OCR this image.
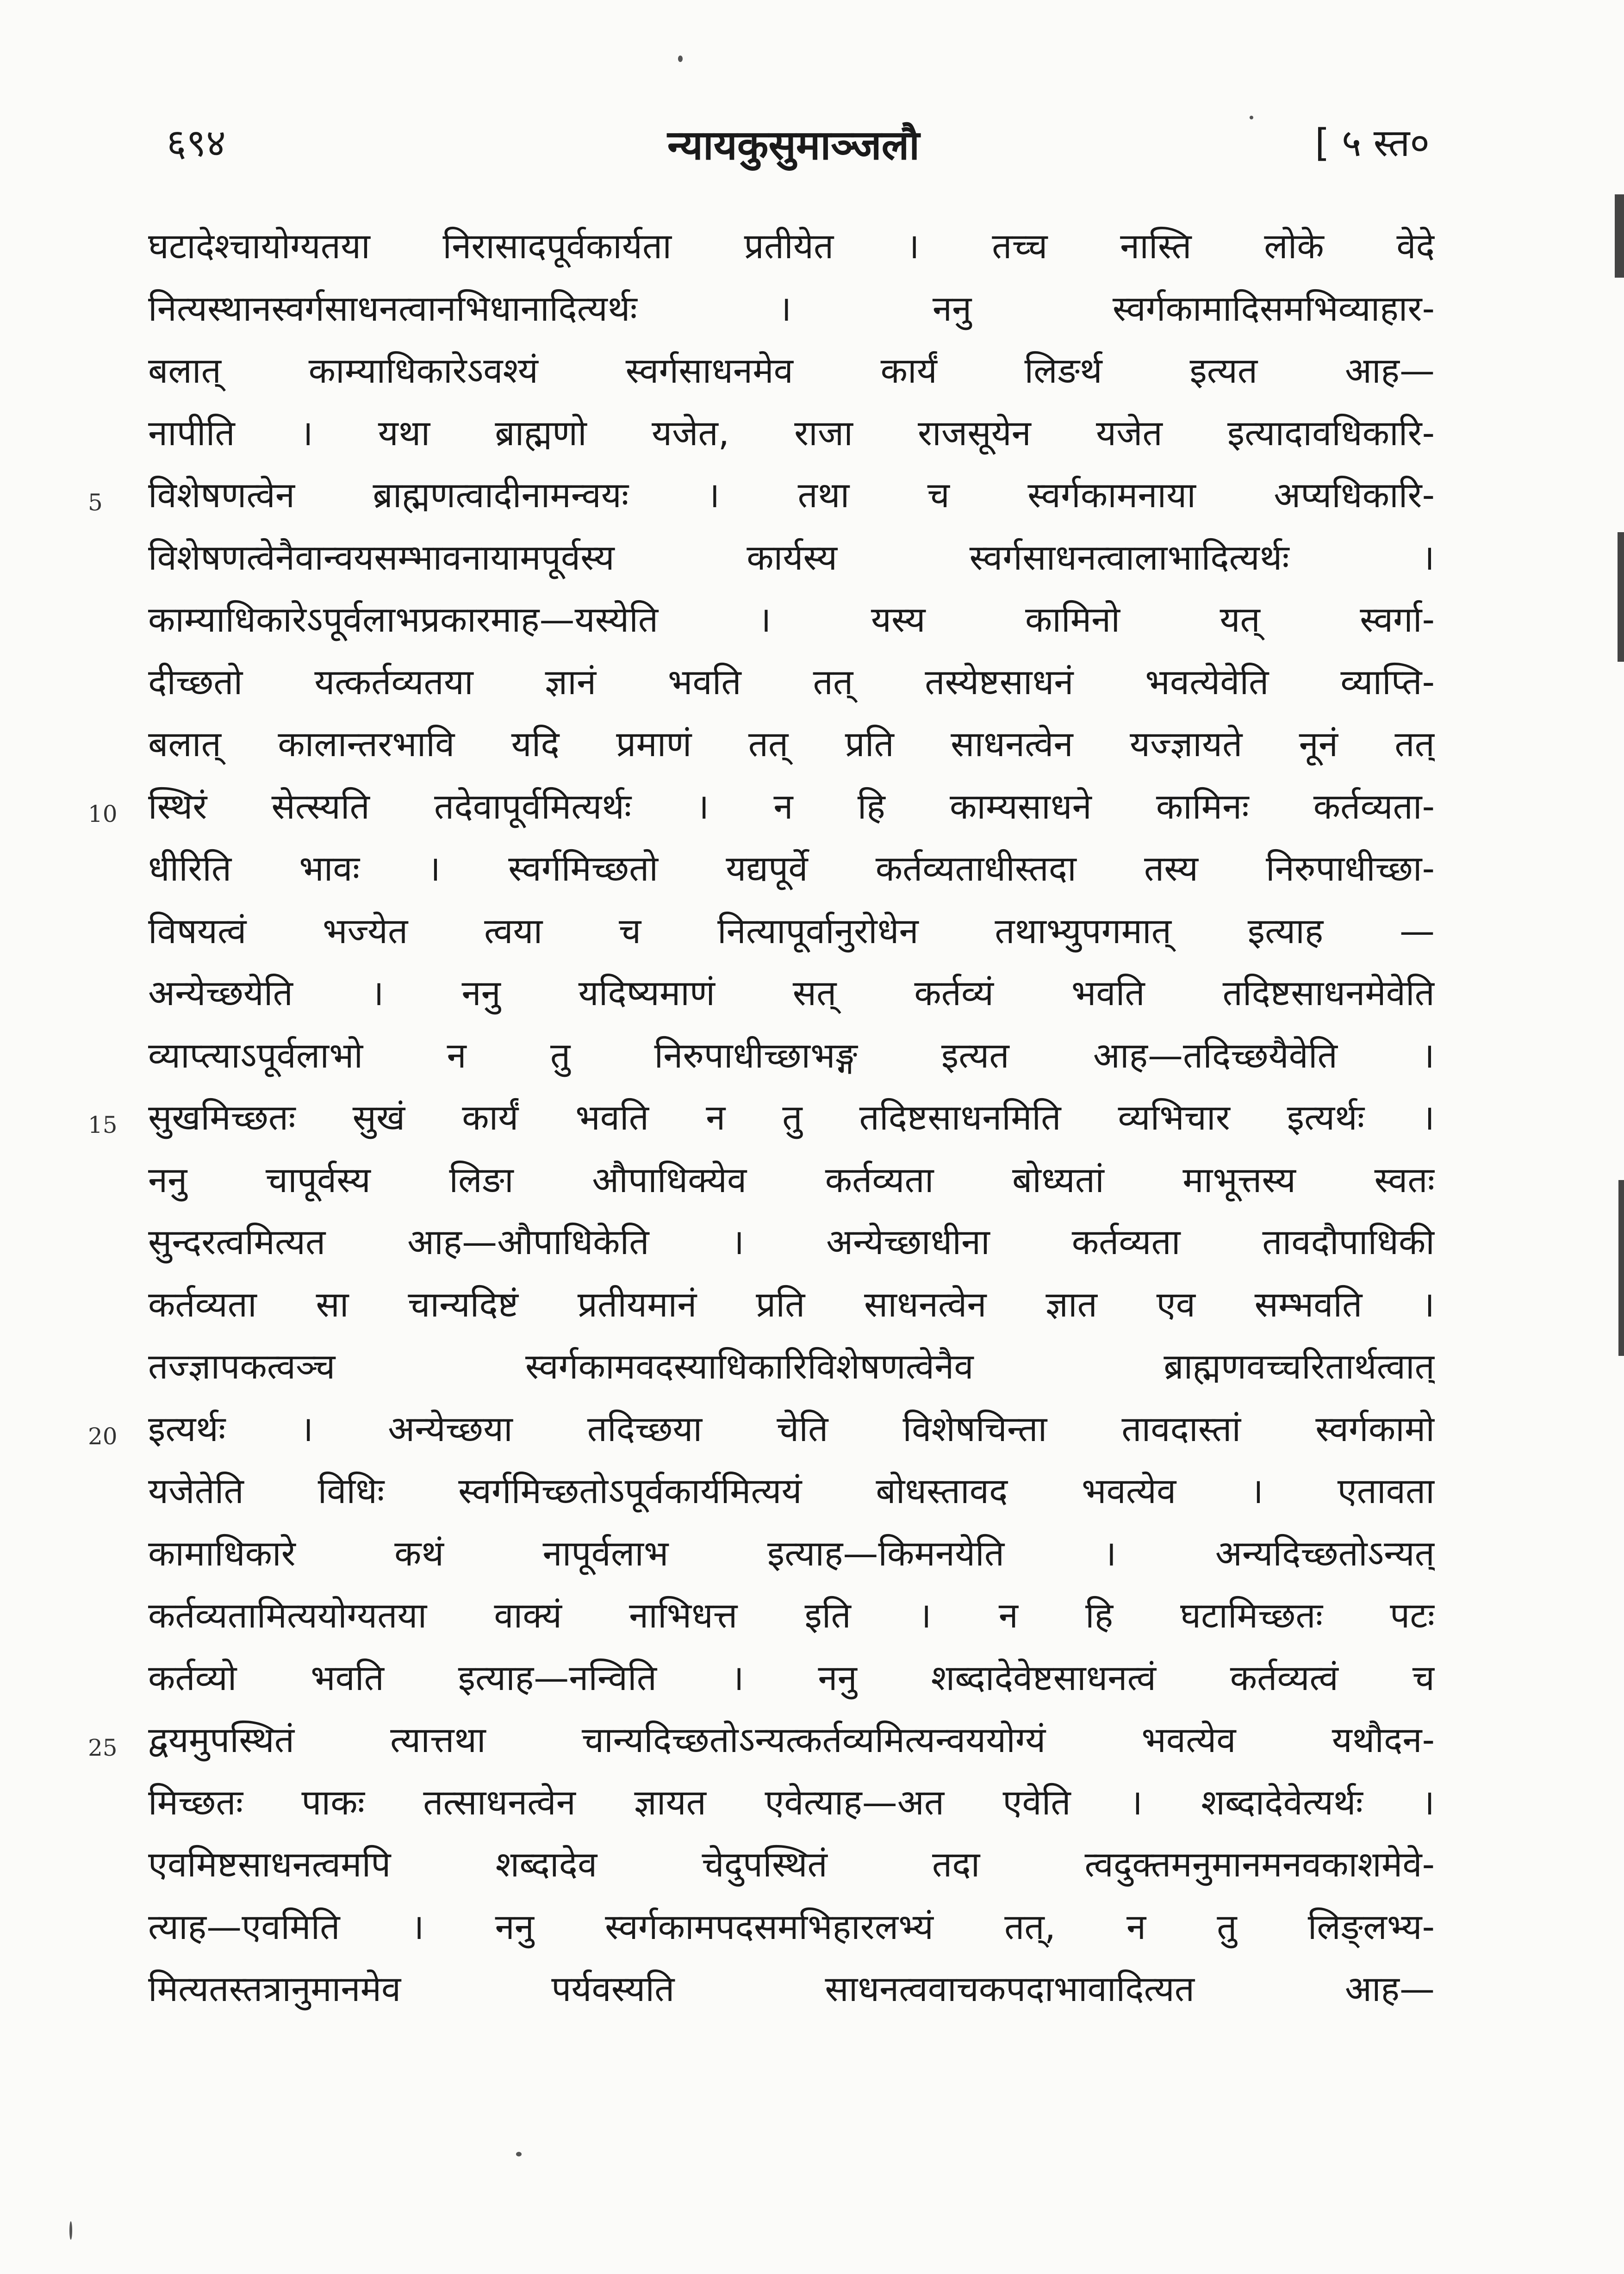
६९४	न्यायकुसुमाञ्जलौ	[ ५ स्त०
5
10
15
20
25
घटादेश्चायोग्यतया निरासादपूर्वकार्यता प्रतीयेत । तच्च नास्ति लोके वेदे
नित्यस्थानस्वर्गसाधनत्वानभिधानादित्यर्थः । ननु स्वर्गकामादिसमभिव्याहार-
बलात् काम्याधिकारेऽवश्यं स्वर्गसाधनमेव कार्यं लिङर्थ इत्यत आह—
नापीति । यथा ब्राह्मणो यजेत, राजा राजसूयेन यजेत इत्यादावधिकारि-
विशेषणत्वेन ब्राह्मणत्वादीनामन्वयः । तथा च स्वर्गकामनाया अप्यधिकारि-
विशेषणत्वेनैवान्वयसम्भावनायामपूर्वस्य कार्यस्य स्वर्गसाधनत्वालाभादित्यर्थः ।
काम्याधिकारेऽपूर्वलाभप्रकारमाह—यस्येति । यस्य कामिनो यत् स्वर्गा-
दीच्छतो यत्कर्तव्यतया ज्ञानं भवति तत् तस्येष्टसाधनं भवत्येवेति व्याप्ति-
बलात् कालान्तरभावि यदि प्रमाणं तत् प्रति साधनत्वेन यज्ज्ञायते नूनं तत्
स्थिरं सेत्स्यति तदेवापूर्वमित्यर्थः । न हि काम्यसाधने कामिनः कर्तव्यता-
धीरिति भावः । स्वर्गमिच्छतो यद्यपूर्वे कर्तव्यताधीस्तदा तस्य निरुपाधीच्छा-
विषयत्वं भज्येत त्वया च नित्यापूर्वानुरोधेन तथाभ्युपगमात् इत्याह —
अन्येच्छयेति । ननु यदिष्यमाणं सत् कर्तव्यं भवति तदिष्टसाधनमेवेति
व्याप्त्याऽपूर्वलाभो न तु निरुपाधीच्छाभङ्ग इत्यत आह—तदिच्छयैवेति ।
सुखमिच्छतः सुखं कार्यं भवति न तु तदिष्टसाधनमिति व्यभिचार इत्यर्थः ।
ननु चापूर्वस्य लिङा औपाधिक्येव कर्तव्यता बोध्यतां माभूत्तस्य स्वतः
सुन्दरत्वमित्यत आह—औपाधिकेति । अन्येच्छाधीना कर्तव्यता तावदौपाधिकी
कर्तव्यता सा चान्यदिष्टं प्रतीयमानं प्रति साधनत्वेन ज्ञात एव सम्भवति ।
तज्ज्ञापकत्वञ्च स्वर्गकामवदस्याधिकारिविशेषणत्वेनैव ब्राह्मणवच्चरितार्थत्वात्
इत्यर्थः । अन्येच्छया तदिच्छया चेति विशेषचिन्ता तावदास्तां स्वर्गकामो
यजेतेति विधिः स्वर्गमिच्छतोऽपूर्वकार्यमित्ययं बोधस्तावद भवत्येव । एतावता
कामाधिकारे कथं नापूर्वलाभ इत्याह—किमनयेति । अन्यदिच्छतोऽन्यत्
कर्तव्यतामित्ययोग्यतया वाक्यं नाभिधत्त इति । न हि घटामिच्छतः पटः
कर्तव्यो भवति इत्याह—नन्विति । ननु शब्दादेवेष्टसाधनत्वं कर्तव्यत्वं च
द्वयमुपस्थितं त्यात्तथा चान्यदिच्छतोऽन्यत्कर्तव्यमित्यन्वययोग्यं भवत्येव यथौदन-
मिच्छतः पाकः तत्साधनत्वेन ज्ञायत एवेत्याह—अत एवेति । शब्दादेवेत्यर्थः ।
एवमिष्टसाधनत्वमपि शब्दादेव चेदुपस्थितं तदा त्वदुक्तमनुमानमनवकाशमेवे-
त्याह—एवमिति । ननु स्वर्गकामपदसमभिहारलभ्यं तत्, न तु लिङ्लभ्य-
मित्यतस्तत्रानुमानमेव पर्यवस्यति साधनत्ववाचकपदाभावादित्यत आह—
